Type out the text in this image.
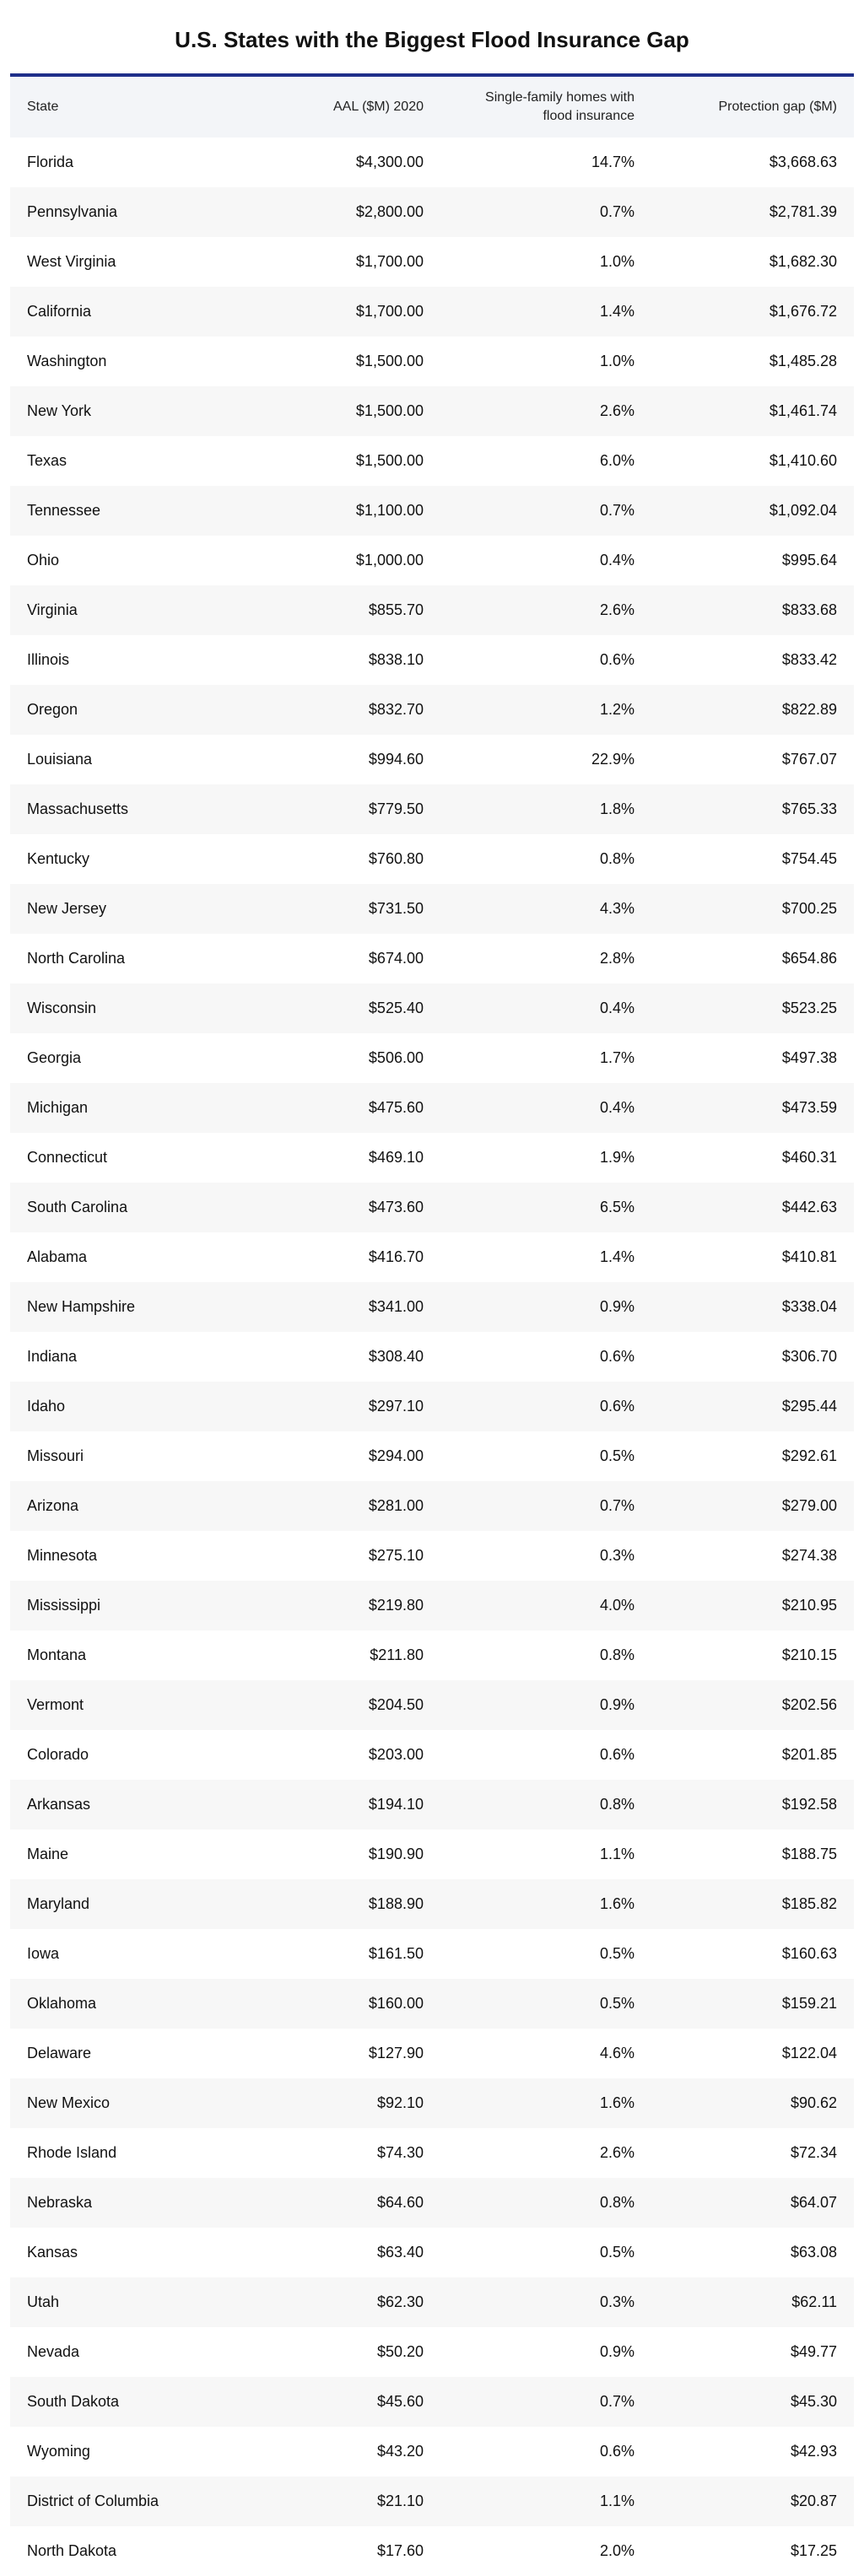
U.S. States with the Biggest Flood Insurance Gap
State	AAL ($M) 2020	Single-family homes with flood insurance	Protection gap ($M)
Florida	$4,300.00	14.7%	$3,668.63
Pennsylvania	$2,800.00	0.7%	$2,781.39
West Virginia	$1,700.00	1.0%	$1,682.30
California	$1,700.00	1.4%	$1,676.72
Washington	$1,500.00	1.0%	$1,485.28
New York	$1,500.00	2.6%	$1,461.74
Texas	$1,500.00	6.0%	$1,410.60
Tennessee	$1,100.00	0.7%	$1,092.04
Ohio	$1,000.00	0.4%	$995.64
Virginia	$855.70	2.6%	$833.68
Illinois	$838.10	0.6%	$833.42
Oregon	$832.70	1.2%	$822.89
Louisiana	$994.60	22.9%	$767.07
Massachusetts	$779.50	1.8%	$765.33
Kentucky	$760.80	0.8%	$754.45
New Jersey	$731.50	4.3%	$700.25
North Carolina	$674.00	2.8%	$654.86
Wisconsin	$525.40	0.4%	$523.25
Georgia	$506.00	1.7%	$497.38
Michigan	$475.60	0.4%	$473.59
Connecticut	$469.10	1.9%	$460.31
South Carolina	$473.60	6.5%	$442.63
Alabama	$416.70	1.4%	$410.81
New Hampshire	$341.00	0.9%	$338.04
Indiana	$308.40	0.6%	$306.70
Idaho	$297.10	0.6%	$295.44
Missouri	$294.00	0.5%	$292.61
Arizona	$281.00	0.7%	$279.00
Minnesota	$275.10	0.3%	$274.38
Mississippi	$219.80	4.0%	$210.95
Montana	$211.80	0.8%	$210.15
Vermont	$204.50	0.9%	$202.56
Colorado	$203.00	0.6%	$201.85
Arkansas	$194.10	0.8%	$192.58
Maine	$190.90	1.1%	$188.75
Maryland	$188.90	1.6%	$185.82
Iowa	$161.50	0.5%	$160.63
Oklahoma	$160.00	0.5%	$159.21
Delaware	$127.90	4.6%	$122.04
New Mexico	$92.10	1.6%	$90.62
Rhode Island	$74.30	2.6%	$72.34
Nebraska	$64.60	0.8%	$64.07
Kansas	$63.40	0.5%	$63.08
Utah	$62.30	0.3%	$62.11
Nevada	$50.20	0.9%	$49.77
South Dakota	$45.60	0.7%	$45.30
Wyoming	$43.20	0.6%	$42.93
District of Columbia	$21.10	1.1%	$20.87
North Dakota	$17.60	2.0%	$17.25
